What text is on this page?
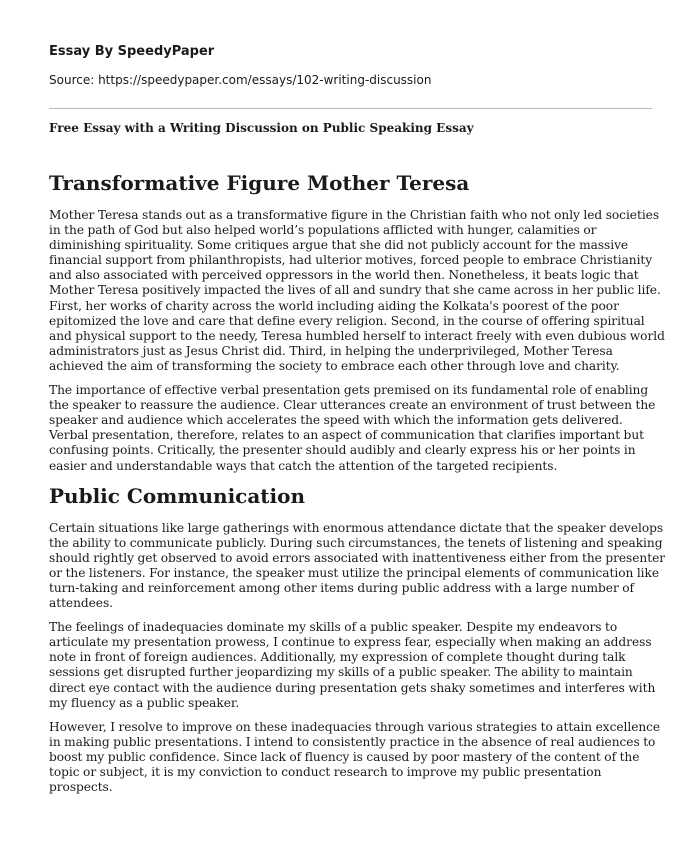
Essay By SpeedyPaper
Source: https://speedypaper.com/essays/102-writing-discussion
Free Essay with a Writing Discussion on Public Speaking Essay
Transformative Figure Mother Teresa

Mother Teresa stands out as a transformative figure in the Christian faith who not only led societies in the path of God but also helped world’s populations afflicted with hunger, calamities or diminishing spirituality. Some critiques argue that she did not publicly account for the massive financial support from philanthropists, had ulterior motives, forced people to embrace Christianity and also associated with perceived oppressors in the world then. Nonetheless, it beats logic that Mother Teresa positively impacted the lives of all and sundry that she came across in her public life. First, her works of charity across the world including aiding the Kolkata's poorest of the poor epitomized the love and care that define every religion. Second, in the course of offering spiritual and physical support to the needy, Teresa humbled herself to interact freely with even dubious world administrators just as Jesus Christ did. Third, in helping the underprivileged, Mother Teresa achieved the aim of transforming the society to embrace each other through love and charity.

The importance of effective verbal presentation gets premised on its fundamental role of enabling the speaker to reassure the audience. Clear utterances create an environment of trust between the speaker and audience which accelerates the speed with which the information gets delivered. Verbal presentation, therefore, relates to an aspect of communication that clarifies important but confusing points. Critically, the presenter should audibly and clearly express his or her points in easier and understandable ways that catch the attention of the targeted recipients.

Public Communication

Certain situations like large gatherings with enormous attendance dictate that the speaker develops the ability to communicate publicly. During such circumstances, the tenets of listening and speaking should rightly get observed to avoid errors associated with inattentiveness either from the presenter or the listeners. For instance, the speaker must utilize the principal elements of communication like turn-taking and reinforcement among other items during public address with a large number of attendees.

The feelings of inadequacies dominate my skills of a public speaker. Despite my endeavors to articulate my presentation prowess, I continue to express fear, especially when making an address note in front of foreign audiences. Additionally, my expression of complete thought during talk sessions get disrupted further jeopardizing my skills of a public speaker. The ability to maintain direct eye contact with the audience during presentation gets shaky sometimes and interferes with my fluency as a public speaker.

However, I resolve to improve on these inadequacies through various strategies to attain excellence in making public presentations. I intend to consistently practice in the absence of real audiences to boost my public confidence. Since lack of fluency is caused by poor mastery of the content of the topic or subject, it is my conviction to conduct research to improve my public presentation prospects.
